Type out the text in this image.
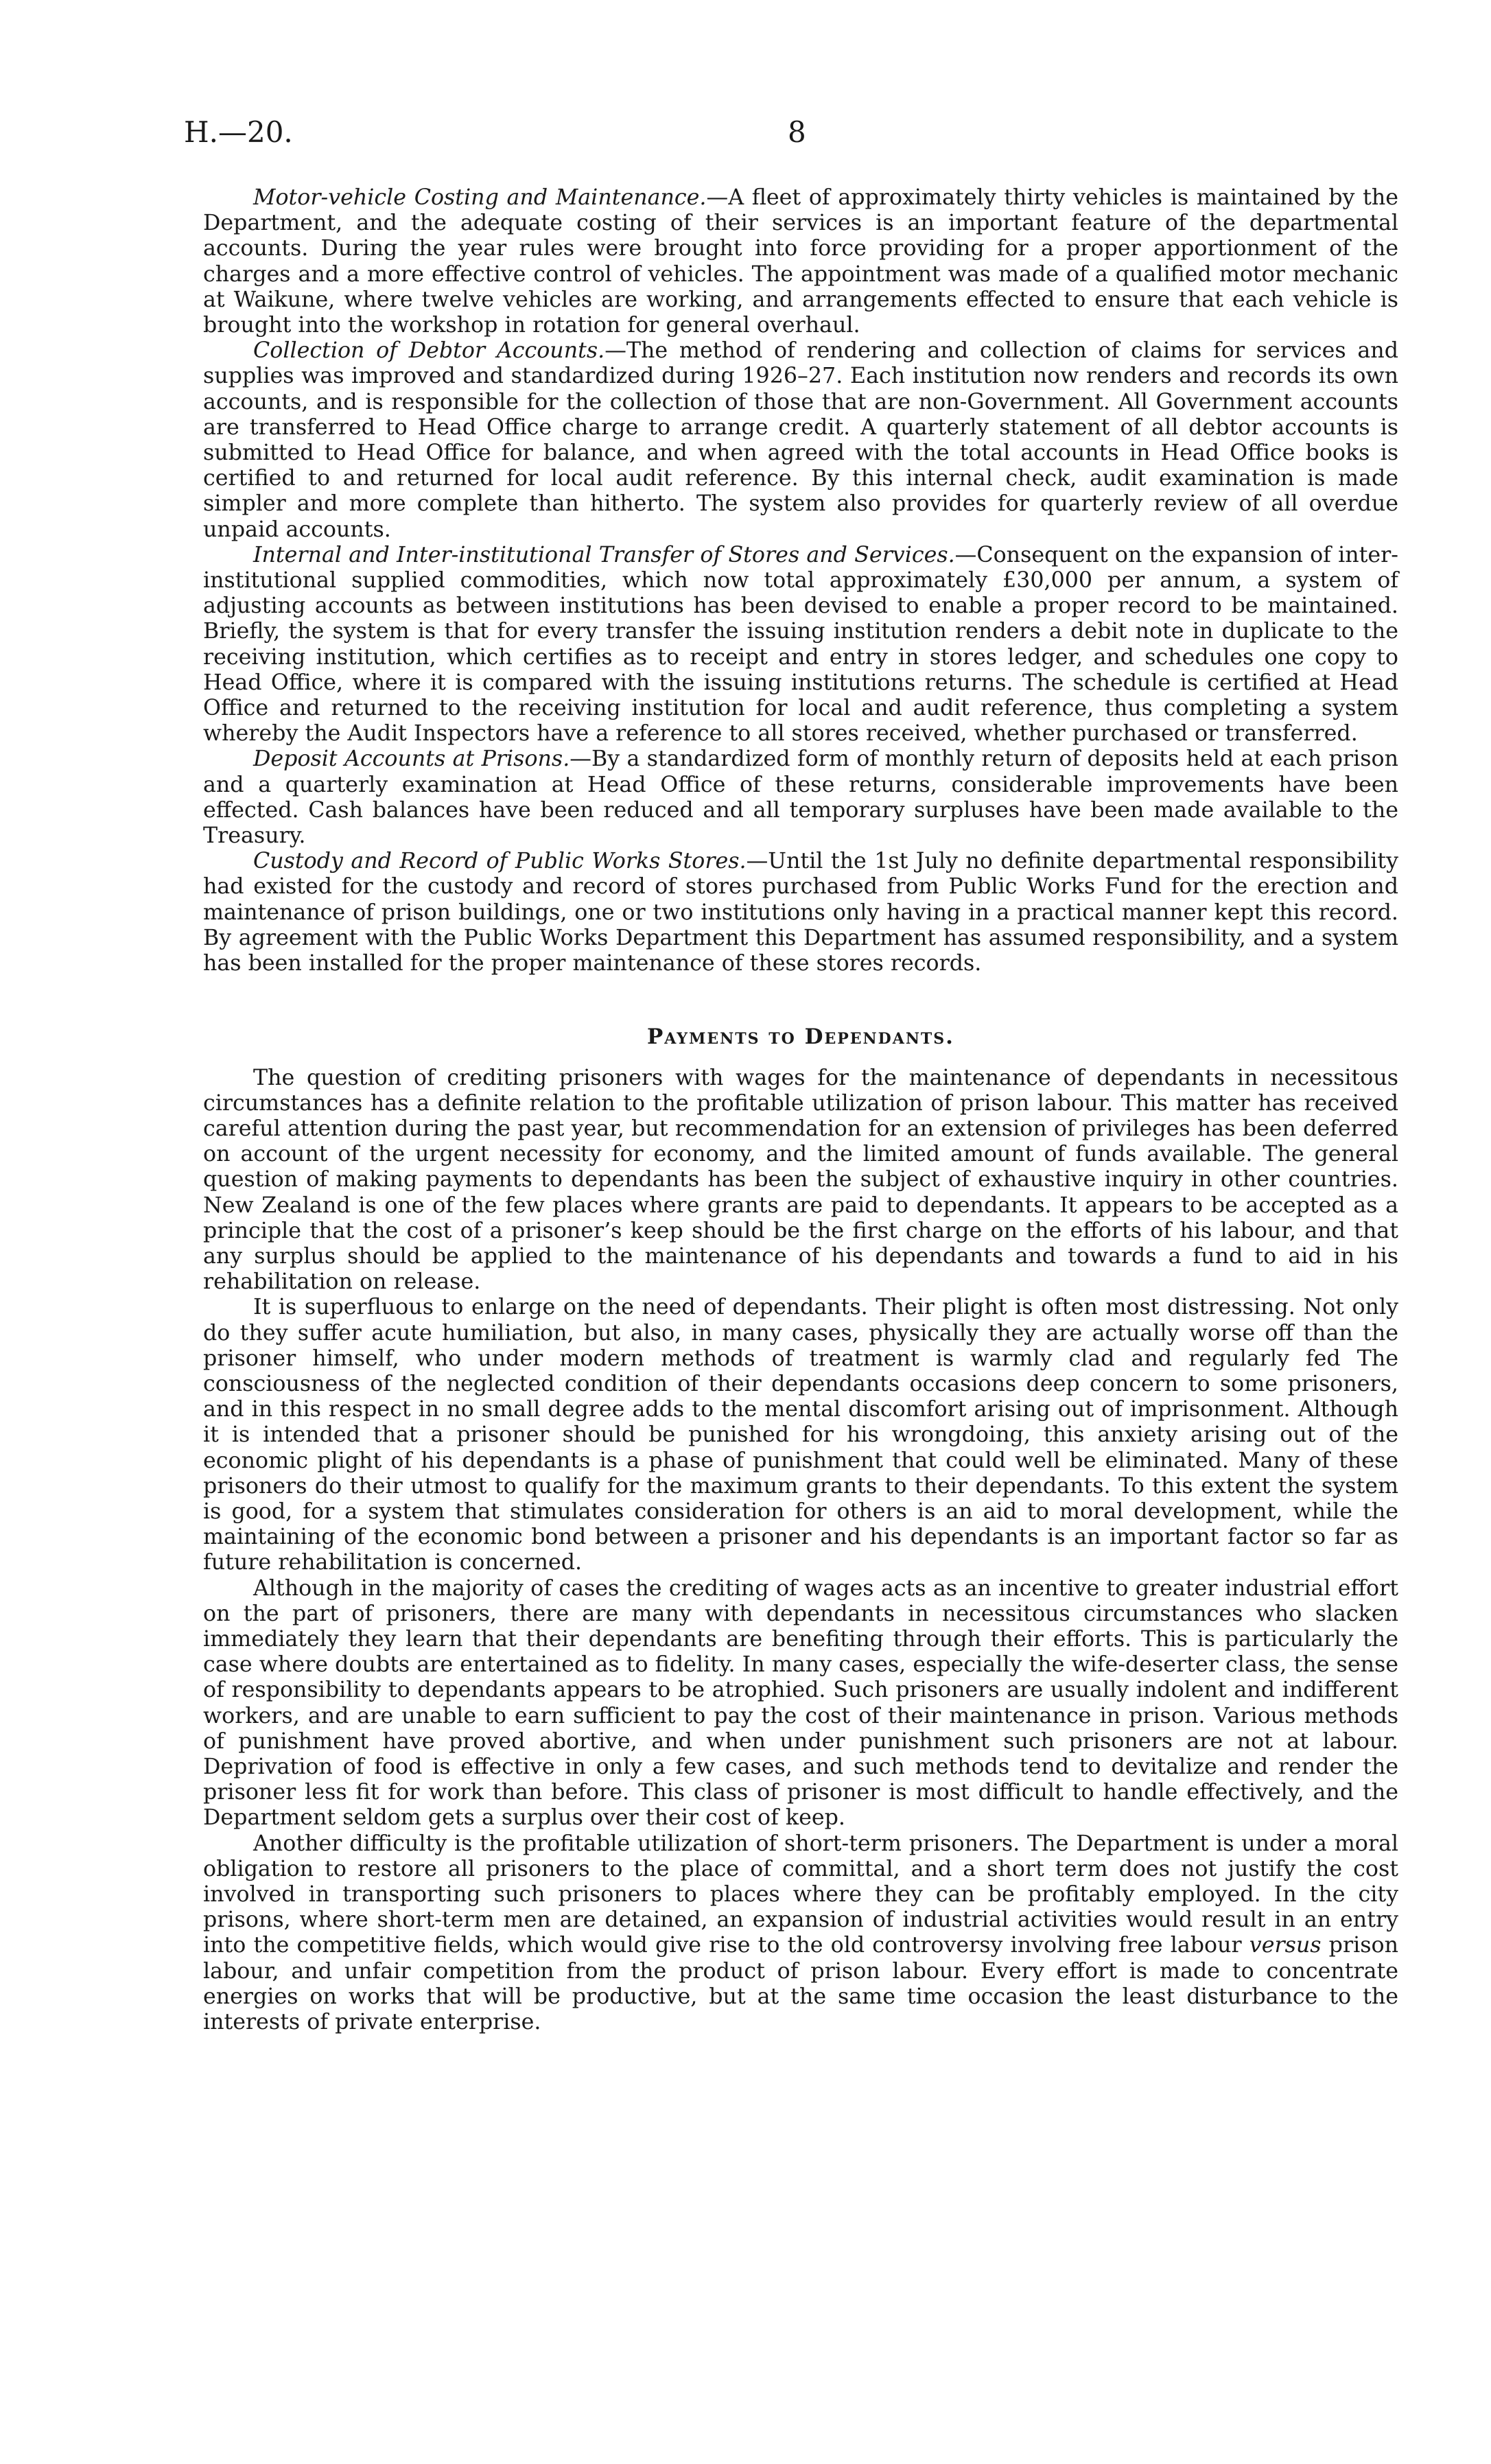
H.—20.	8

Motor-vehicle Costing and Maintenance.—A fleet of approximately thirty vehicles is maintained by the Department, and the adequate costing of their services is an important feature of the departmental accounts. During the year rules were brought into force providing for a proper apportionment of the charges and a more effective control of vehicles. The appointment was made of a qualified motor mechanic at Waikune, where twelve vehicles are working, and arrangements effected to ensure that each vehicle is brought into the workshop in rotation for general overhaul.

Collection of Debtor Accounts.—The method of rendering and collection of claims for services and supplies was improved and standardized during 1926–27. Each institution now renders and records its own accounts, and is responsible for the collection of those that are non-Government. All Government accounts are transferred to Head Office charge to arrange credit. A quarterly statement of all debtor accounts is submitted to Head Office for balance, and when agreed with the total accounts in Head Office books is certified to and returned for local audit reference. By this internal check, audit examination is made simpler and more complete than hitherto. The system also provides for quarterly review of all overdue unpaid accounts.

Internal and Inter-institutional Transfer of Stores and Services.—Consequent on the expansion of inter-institutional supplied commodities, which now total approximately £30,000 per annum, a system of adjusting accounts as between institutions has been devised to enable a proper record to be maintained. Briefly, the system is that for every transfer the issuing institution renders a debit note in duplicate to the receiving institution, which certifies as to receipt and entry in stores ledger, and schedules one copy to Head Office, where it is compared with the issuing institutions returns. The schedule is certified at Head Office and returned to the receiving institution for local and audit reference, thus completing a system whereby the Audit Inspectors have a reference to all stores received, whether purchased or transferred.

Deposit Accounts at Prisons.—By a standardized form of monthly return of deposits held at each prison and a quarterly examination at Head Office of these returns, considerable improvements have been effected. Cash balances have been reduced and all temporary surpluses have been made available to the Treasury.

Custody and Record of Public Works Stores.—Until the 1st July no definite departmental responsibility had existed for the custody and record of stores purchased from Public Works Fund for the erection and maintenance of prison buildings, one or two institutions only having in a practical manner kept this record. By agreement with the Public Works Department this Department has assumed responsibility, and a system has been installed for the proper maintenance of these stores records.

Payments to Dependants.

The question of crediting prisoners with wages for the maintenance of dependants in necessitous circumstances has a definite relation to the profitable utilization of prison labour. This matter has received careful attention during the past year, but recommendation for an extension of privileges has been deferred on account of the urgent necessity for economy, and the limited amount of funds available. The general question of making payments to dependants has been the subject of exhaustive inquiry in other countries. New Zealand is one of the few places where grants are paid to dependants. It appears to be accepted as a principle that the cost of a prisoner’s keep should be the first charge on the efforts of his labour, and that any surplus should be applied to the maintenance of his dependants and towards a fund to aid in his rehabilitation on release.

It is superfluous to enlarge on the need of dependants. Their plight is often most distressing. Not only do they suffer acute humiliation, but also, in many cases, physically they are actually worse off than the prisoner himself, who under modern methods of treatment is warmly clad and regularly fed The consciousness of the neglected condition of their dependants occasions deep concern to some prisoners, and in this respect in no small degree adds to the mental discomfort arising out of imprisonment. Although it is intended that a prisoner should be punished for his wrongdoing, this anxiety arising out of the economic plight of his dependants is a phase of punishment that could well be eliminated. Many of these prisoners do their utmost to qualify for the maximum grants to their dependants. To this extent the system is good, for a system that stimulates consideration for others is an aid to moral development, while the maintaining of the economic bond between a prisoner and his dependants is an important factor so far as future rehabilitation is concerned.

Although in the majority of cases the crediting of wages acts as an incentive to greater industrial effort on the part of prisoners, there are many with dependants in necessitous circumstances who slacken immediately they learn that their dependants are benefiting through their efforts. This is particularly the case where doubts are entertained as to fidelity. In many cases, especially the wife-deserter class, the sense of responsibility to dependants appears to be atrophied. Such prisoners are usually indolent and indifferent workers, and are unable to earn sufficient to pay the cost of their maintenance in prison. Various methods of punishment have proved abortive, and when under punishment such prisoners are not at labour. Deprivation of food is effective in only a few cases, and such methods tend to devitalize and render the prisoner less fit for work than before. This class of prisoner is most difficult to handle effectively, and the Department seldom gets a surplus over their cost of keep.

Another difficulty is the profitable utilization of short-term prisoners. The Department is under a moral obligation to restore all prisoners to the place of committal, and a short term does not justify the cost involved in transporting such prisoners to places where they can be profitably employed. In the city prisons, where short-term men are detained, an expansion of industrial activities would result in an entry into the competitive fields, which would give rise to the old controversy involving free labour versus prison labour, and unfair competition from the product of prison labour. Every effort is made to concentrate energies on works that will be productive, but at the same time occasion the least disturbance to the interests of private enterprise.
